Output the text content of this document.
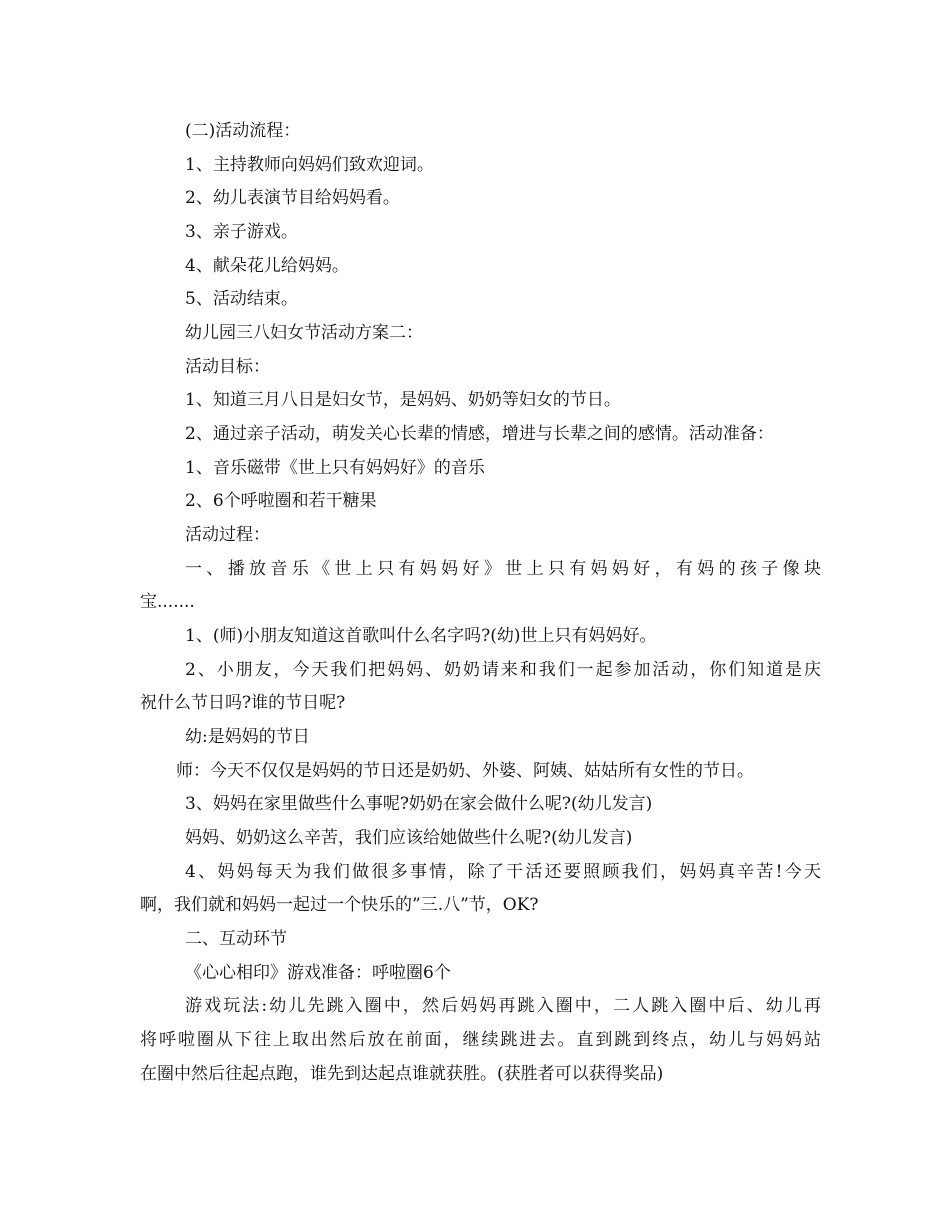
(二)活动流程：
1、主持教师向妈妈们致欢迎词。
2、幼儿表演节目给妈妈看。
3、亲子游戏。
4、献朵花儿给妈妈。
5、活动结束。
幼儿园三八妇女节活动方案二：
活动目标：
1、知道三月八日是妇女节，是妈妈、奶奶等妇女的节日。
2、通过亲子活动，萌发关心长辈的情感，增进与长辈之间的感情。活动准备：
1、音乐磁带《世上只有妈妈好》的音乐
2、6个呼啦圈和若干糖果
活动过程：
一、播放音乐《世上只有妈妈好》世上只有妈妈好，有妈的孩子像块
宝.......
1、(师)小朋友知道这首歌叫什么名字吗?(幼)世上只有妈妈好。
2、小朋友，今天我们把妈妈、奶奶请来和我们一起参加活动，你们知道是庆
祝什么节日吗?谁的节日呢?
幼:是妈妈的节日
师：今天不仅仅是妈妈的节日还是奶奶、外婆、阿姨、姑姑所有女性的节日。
3、妈妈在家里做些什么事呢?奶奶在家会做什么呢?(幼儿发言)
妈妈、奶奶这么辛苦，我们应该给她做些什么呢?(幼儿发言)
4、妈妈每天为我们做很多事情，除了干活还要照顾我们，妈妈真辛苦!今天
啊，我们就和妈妈一起过一个快乐的”三.八”节，OK?
二、互动环节
《心心相印》游戏准备：呼啦圈6个
游戏玩法:幼儿先跳入圈中，然后妈妈再跳入圈中，二人跳入圈中后、幼儿再
将呼啦圈从下往上取出然后放在前面，继续跳进去。直到跳到终点，幼儿与妈妈站
在圈中然后往起点跑，谁先到达起点谁就获胜。(获胜者可以获得奖品)
